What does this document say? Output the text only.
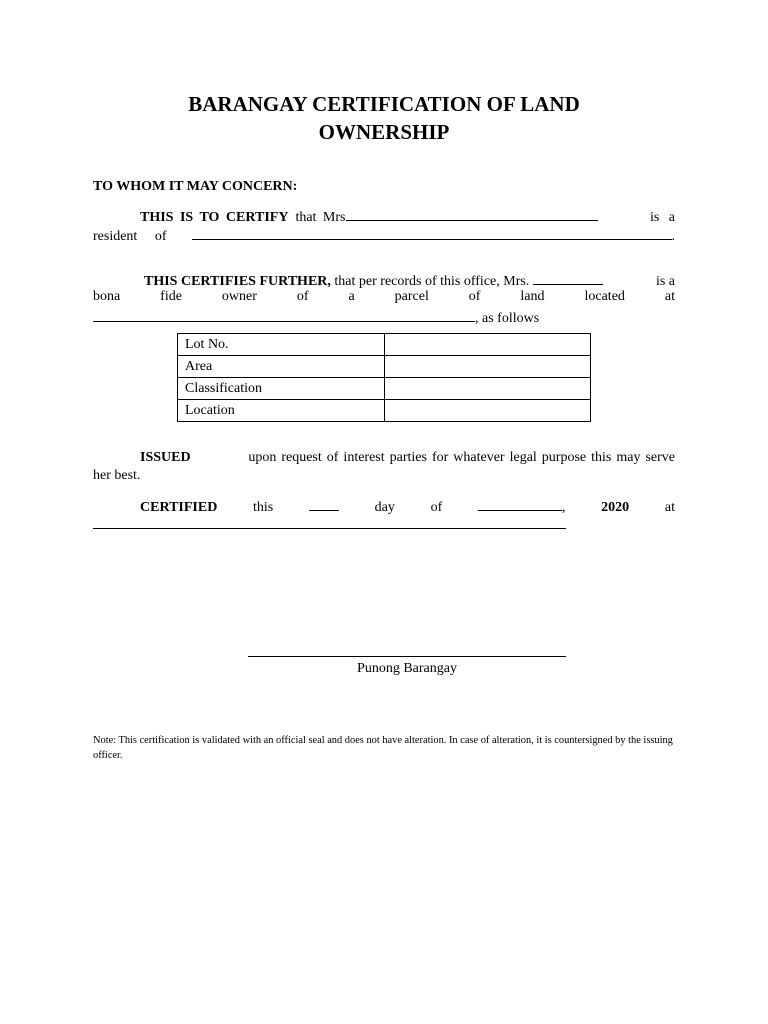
BARANGAY CERTIFICATION OF LAND
OWNERSHIP
TO WHOM IT MAY CONCERN:
THIS IS TO CERTIFY that Mrs	is a
resident of	.
THIS CERTIFIES FURTHER, that per records of this office, Mrs.	is a
bona	fide	owner	of	a	parcel	of	land	located	at
, as follows
Lot No.	
Area	
Classification	
Location	
ISSUED	upon request of interest parties for whatever legal purpose this may serve
her best.
CERTIFIED	this	day	of	,	2020	at
Punong Barangay
Note: This certification is validated with an official seal and does not have alteration. In case of alteration, it is countersigned by the issuing officer.
